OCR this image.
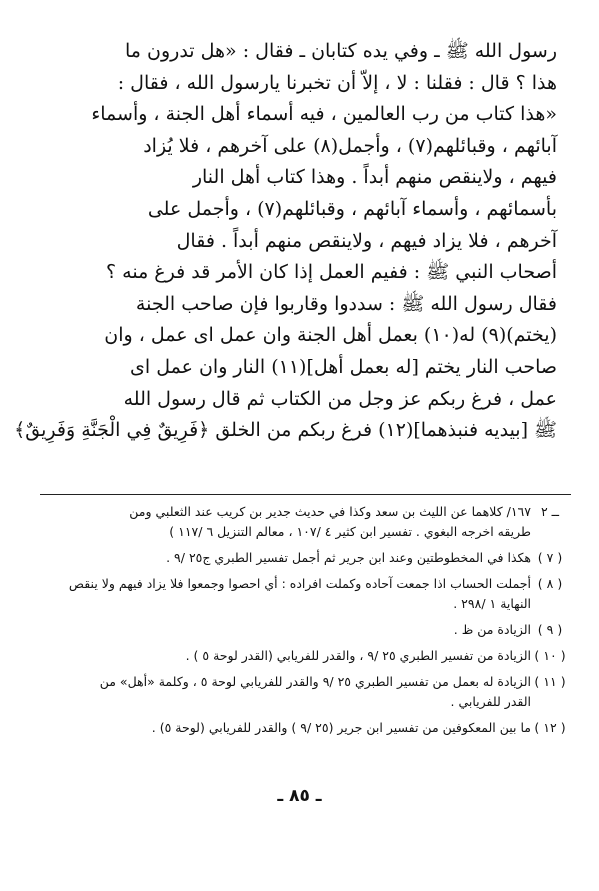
رسول الله ﷺ ـ وفي يده كتابان ـ فقال : «هل تدرون ما
هذا ؟ قال : فقلنا : لا ، إلاّ أن تخبرنا يارسول الله ، فقال :
«هذا كتاب من رب العالمين ، فيه أسماء أهل الجنة ، وأسماء
آبائهم ، وقبائلهم(٧) ، وأجمل(٨) على آخرهم ، فلا يُزاد
فيهم ، ولاينقص منهم أبداً . وهذا كتاب أهل النار
بأسمائهم ، وأسماء آبائهم ، وقبائلهم(٧) ، وأجمل على
آخرهم ، فلا يزاد فيهم ، ولاينقص منهم أبداً . فقال
أصحاب النبي ﷺ : ففيم العمل إذا كان الأمر قد فرغ منه ؟
فقال رسول الله ﷺ : سددوا وقاربوا فإن صاحب الجنة
(يختم)(٩) له(١٠) بعمل أهل الجنة وان عمل اى عمل ، وان
صاحب النار يختم [له بعمل أهل](١١) النار وان عمل اى
عمل ، فرغ ربكم عز وجل من الكتاب ثم قال رسول الله
ﷺ [بيديه فنبذهما](١٢) فرغ ربكم من الخلق ﴿فَرِيقٌ فِي الْجَنَّةِ وَفَرِيقٌ﴾
ــ ٢١٦٧/ كلاهما عن الليث بن سعد وكذا في حديث جدير بن كريب عند الثعلبي ومن
طريقه اخرجه البغوي . تفسير ابن كثير ٤ /١٠٧ ، معالم التنزيل ٦ /١١٧ )
( ٧ )هكذا في المخطوطتين وعند ابن جرير ثم أجمل تفسير الطبري ج٢٥ /٩ .
( ٨ )أجملت الحساب اذا جمعت آحاده وكملت افراده : أي احصوا وجمعوا فلا يزاد فيهم ولا ينقص
النهاية ١ /٢٩٨ .
( ٩ )الزيادة من ظ .
( ١٠ )الزيادة من تفسير الطبري ٢٥ /٩ ، والقدر للفريابي (القدر لوحة ٥ ) .
( ١١ )الزيادة له بعمل من تفسير الطبري ٢٥ /٩ والقدر للفريابي لوحة ٥ ، وكلمة «أهل» من
القدر للفريابي .
( ١٢ )ما بين المعكوفين من تفسير ابن جرير (٢٥ /٩ ) والقدر للفريابي (لوحة ٥) .
ـ ٨٥ ـ
